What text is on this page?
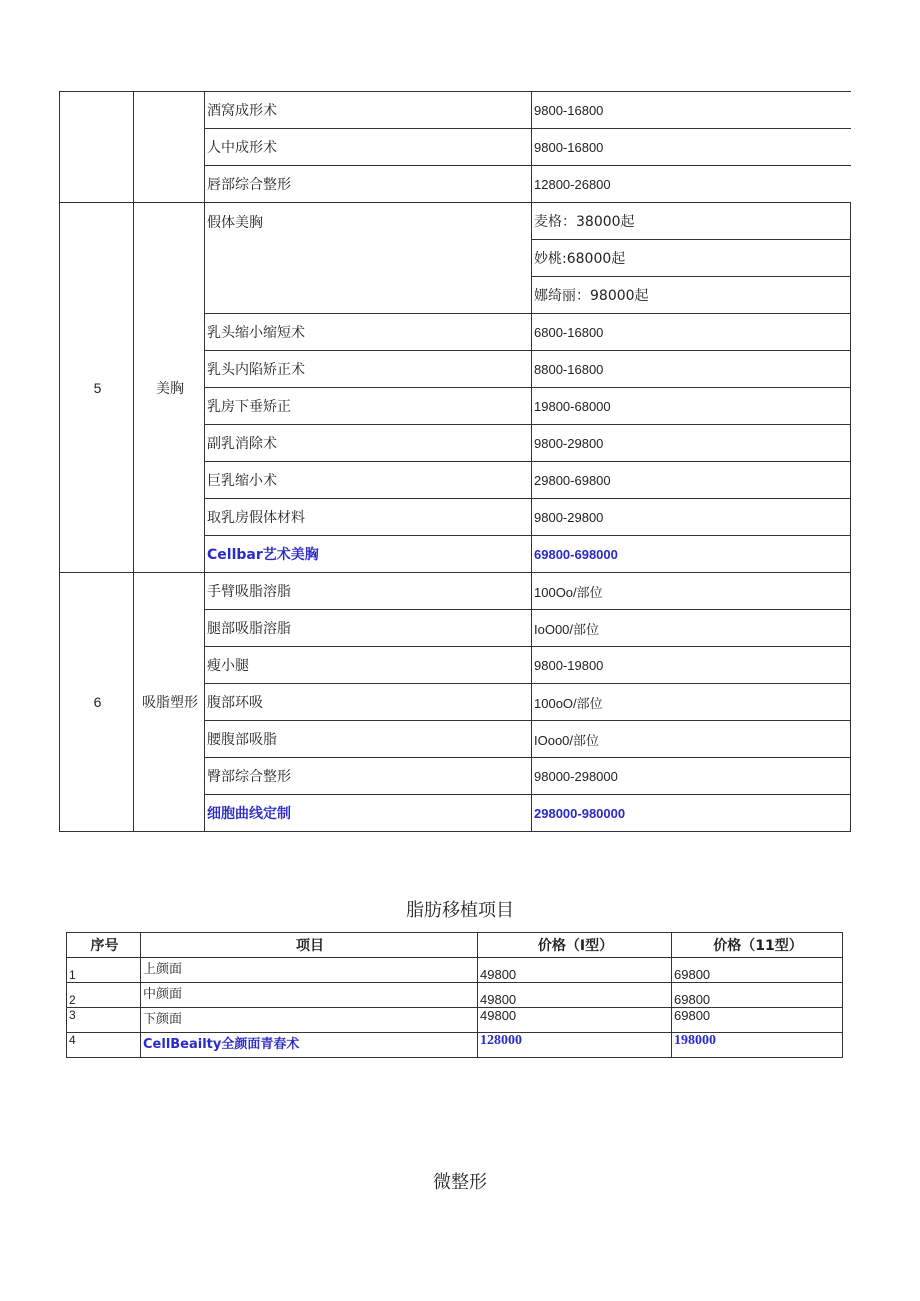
		酒窝成形术	9800-16800
		人中成形术	9800-16800
		唇部综合整形	12800-26800
5	美胸	假体美胸	麦格：38000起
			妙桃:68000起
			娜绮丽：98000起
		乳头缩小缩短术	6800-16800
		乳头内陷矫正术	8800-16800
		乳房下垂矫正	19800-68000
		副乳消除术	9800-29800
		巨乳缩小术	29800-69800
		取乳房假体材料	9800-29800
		Cellbar艺术美胸	69800-698000
6	吸脂塑形	手臂吸脂溶脂	100Oo/部位
		腿部吸脂溶脂	IoO00/部位
		瘦小腿	9800-19800
		腹部环吸	100oO/部位
		腰腹部吸脂	IOoo0/部位
		臀部综合整形	98000-298000
		细胞曲线定制	298000-980000
脂肪移植项目
序号	项目	价格（I型）	价格（11型）
1	上颜面	49800	69800
2	中颜面	49800	69800
3	下颜面	49800	69800
4	CellBeailty全颜面青春术	128000	198000
微整形
